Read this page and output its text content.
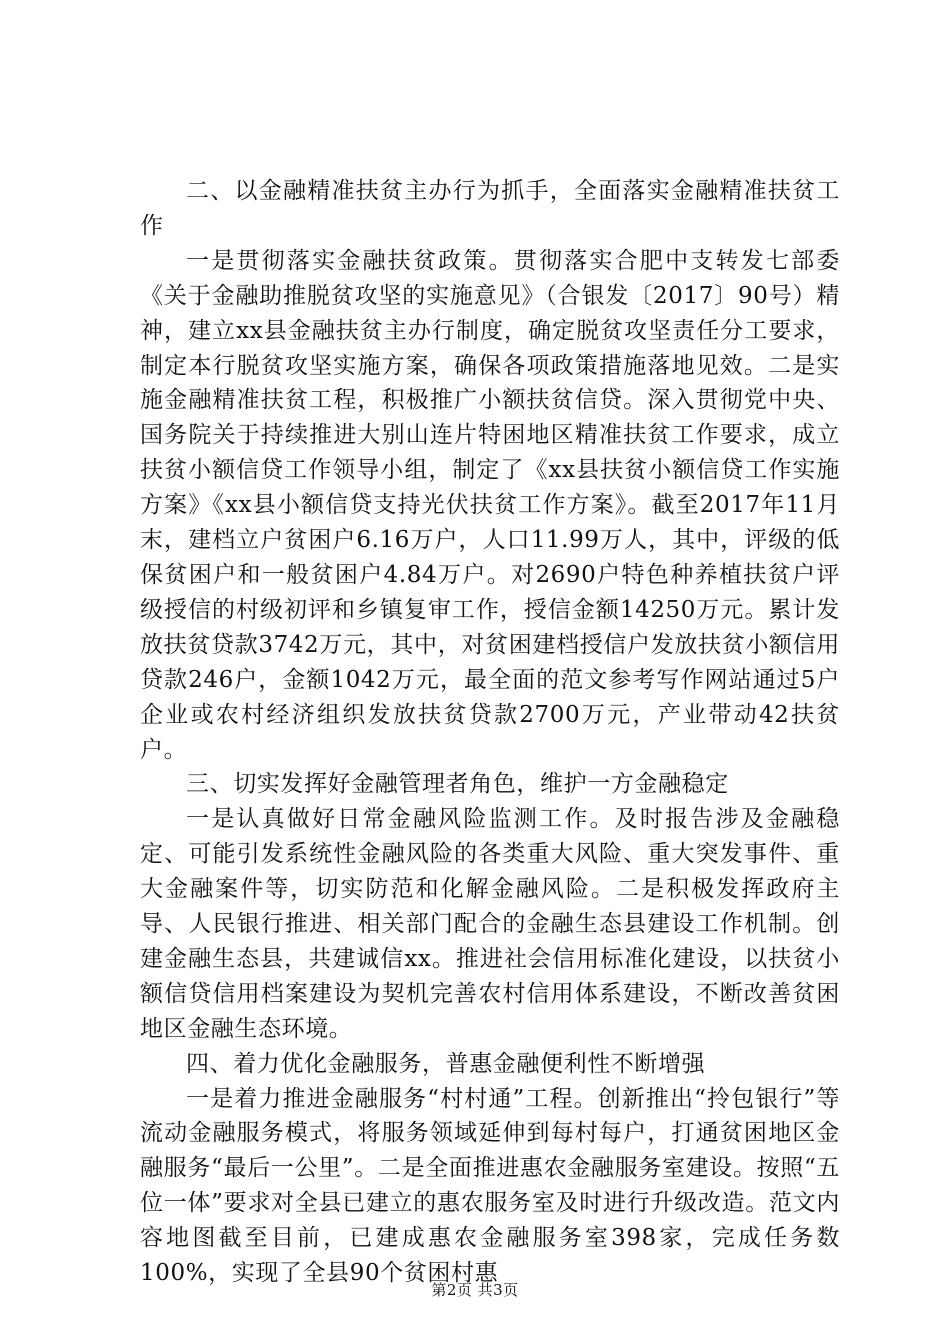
二、以金融精准扶贫主办行为抓手，全面落实金融精准扶贫工作

一是贯彻落实金融扶贫政策。贯彻落实合肥中支转发七部委《关于金融助推脱贫攻坚的实施意见》（合银发〔2017〕90号）精神，建立xx县金融扶贫主办行制度，确定脱贫攻坚责任分工要求，制定本行脱贫攻坚实施方案，确保各项政策措施落地见效。二是实施金融精准扶贫工程，积极推广小额扶贫信贷。深入贯彻党中央、国务院关于持续推进大别山连片特困地区精准扶贫工作要求，成立扶贫小额信贷工作领导小组，制定了《xx县扶贫小额信贷工作实施方案》《xx县小额信贷支持光伏扶贫工作方案》。截至2017年11月末，建档立户贫困户6.16万户，人口11.99万人，其中，评级的低保贫困户和一般贫困户4.84万户。对2690户特色种养植扶贫户评级授信的村级初评和乡镇复审工作，授信金额14250万元。累计发放扶贫贷款3742万元，其中，对贫困建档授信户发放扶贫小额信用贷款246户，金额1042万元，最全面的范文参考写作网站通过5户企业或农村经济组织发放扶贫贷款2700万元，产业带动42扶贫户。

三、切实发挥好金融管理者角色，维护一方金融稳定

一是认真做好日常金融风险监测工作。及时报告涉及金融稳定、可能引发系统性金融风险的各类重大风险、重大突发事件、重大金融案件等，切实防范和化解金融风险。二是积极发挥政府主导、人民银行推进、相关部门配合的金融生态县建设工作机制。创建金融生态县，共建诚信xx。推进社会信用标准化建设，以扶贫小额信贷信用档案建设为契机完善农村信用体系建设，不断改善贫困地区金融生态环境。

四、着力优化金融服务，普惠金融便利性不断增强

一是着力推进金融服务“村村通”工程。创新推出“拎包银行”等流动金融服务模式，将服务领域延伸到每村每户，打通贫困地区金融服务“最后一公里”。二是全面推进惠农金融服务室建设。按照“五位一体”要求对全县已建立的惠农服务室及时进行升级改造。范文内容地图截至目前，已建成惠农金融服务室398家，完成任务数100%，实现了全县90个贫困村惠

第2页 共3页
